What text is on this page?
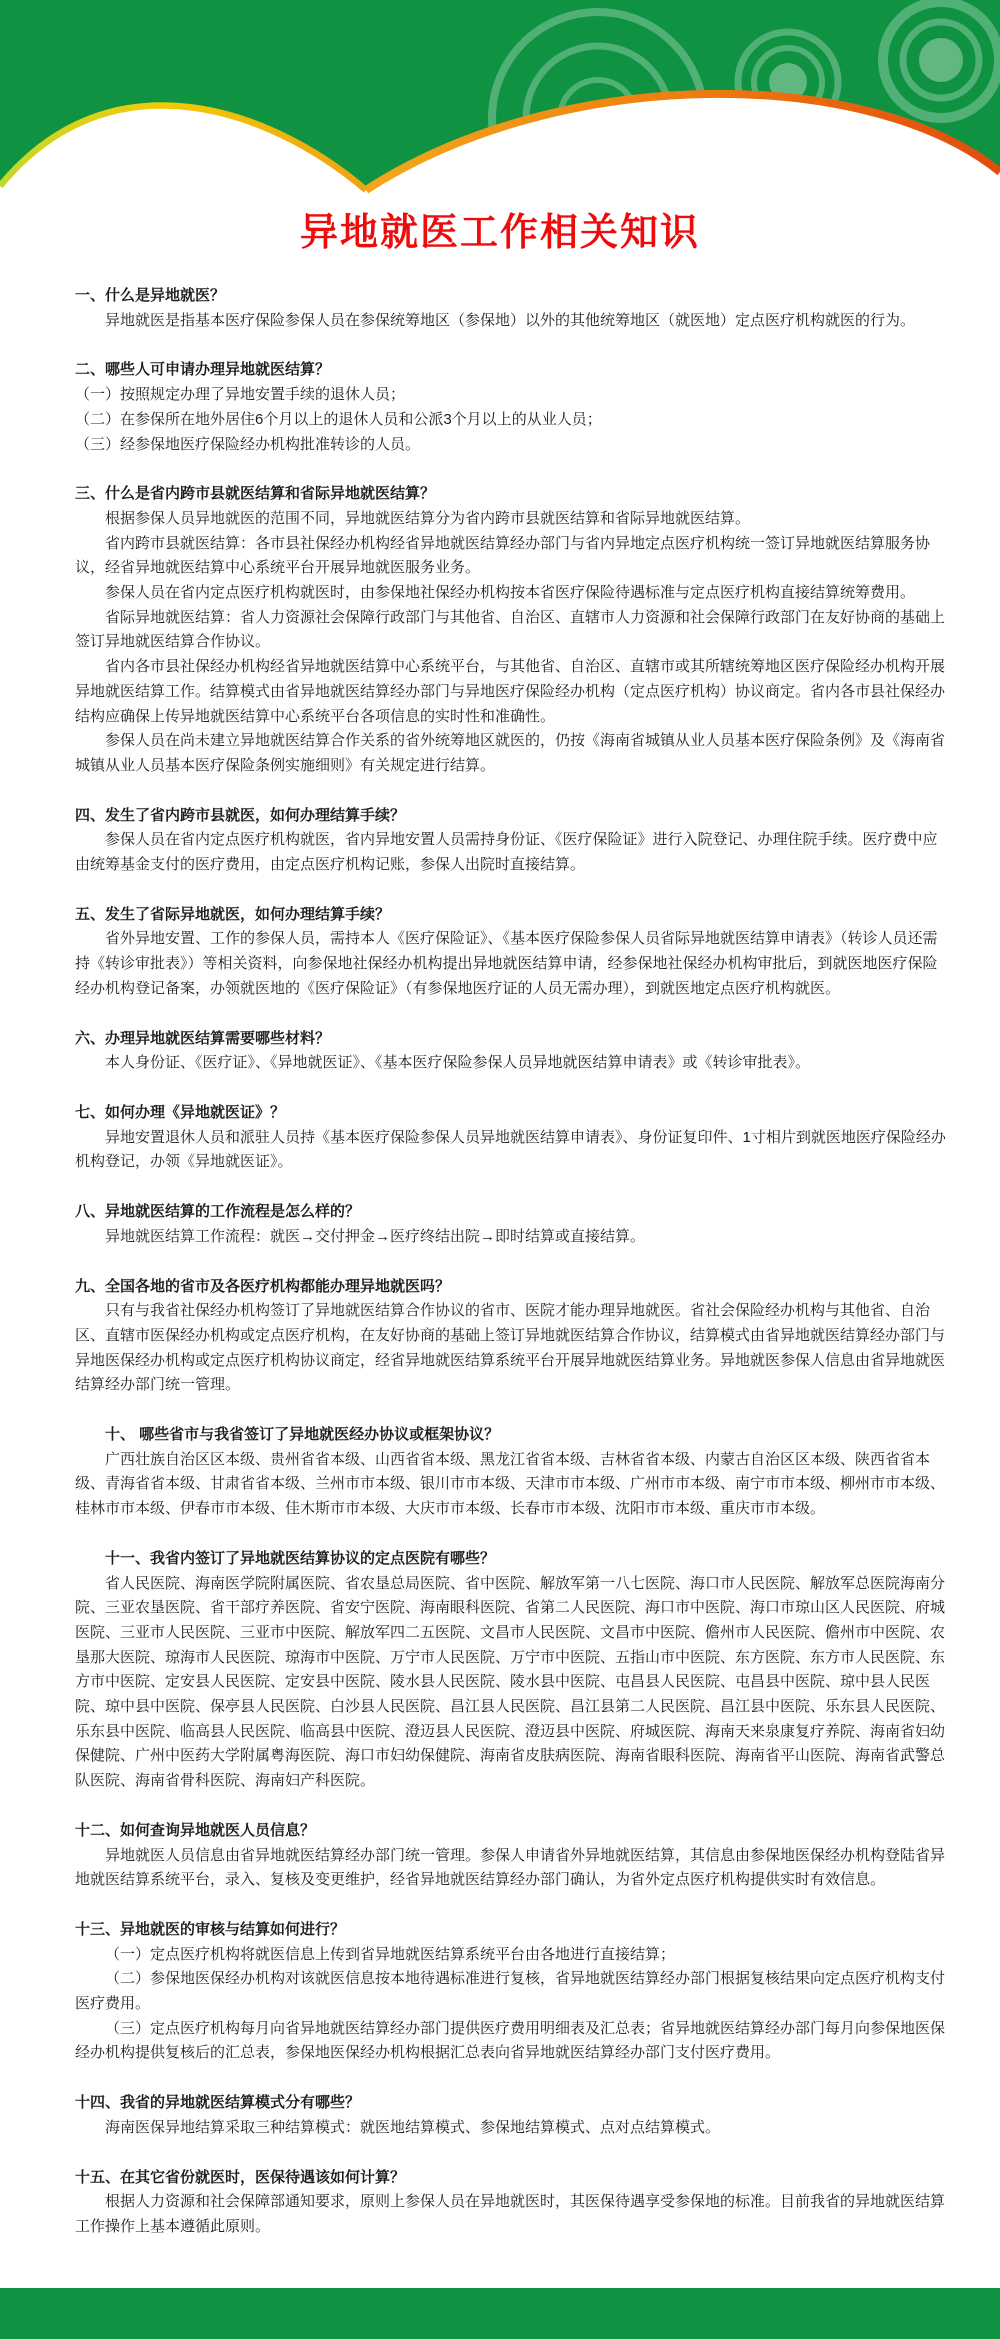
异地就医工作相关知识
一、什么是异地就医？

异地就医是指基本医疗保险参保人员在参保统筹地区（参保地）以外的其他统筹地区（就医地）定点医疗机构就医的行为。

二、哪些人可申请办理异地就医结算？

（一）按照规定办理了异地安置手续的退休人员；

（二）在参保所在地外居住6个月以上的退休人员和公派3个月以上的从业人员；

（三）经参保地医疗保险经办机构批准转诊的人员。

三、什么是省内跨市县就医结算和省际异地就医结算？

根据参保人员异地就医的范围不同，异地就医结算分为省内跨市县就医结算和省际异地就医结算。

省内跨市县就医结算：各市县社保经办机构经省异地就医结算经办部门与省内异地定点医疗机构统一签订异地就医结算服务协议，经省异地就医结算中心系统平台开展异地就医服务业务。

参保人员在省内定点医疗机构就医时，由参保地社保经办机构按本省医疗保险待遇标准与定点医疗机构直接结算统筹费用。

省际异地就医结算：省人力资源社会保障行政部门与其他省、自治区、直辖市人力资源和社会保障行政部门在友好协商的基础上签订异地就医结算合作协议。

省内各市县社保经办机构经省异地就医结算中心系统平台，与其他省、自治区、直辖市或其所辖统筹地区医疗保险经办机构开展异地就医结算工作。结算模式由省异地就医结算经办部门与异地医疗保险经办机构（定点医疗机构）协议商定。省内各市县社保经办结构应确保上传异地就医结算中心系统平台各项信息的实时性和准确性。

参保人员在尚未建立异地就医结算合作关系的省外统筹地区就医的，仍按《海南省城镇从业人员基本医疗保险条例》及《海南省城镇从业人员基本医疗保险条例实施细则》有关规定进行结算。

四、发生了省内跨市县就医，如何办理结算手续？

参保人员在省内定点医疗机构就医，省内异地安置人员需持身份证、《医疗保险证》进行入院登记、办理住院手续。医疗费中应由统筹基金支付的医疗费用，由定点医疗机构记账，参保人出院时直接结算。

五、发生了省际异地就医，如何办理结算手续？

省外异地安置、工作的参保人员，需持本人《医疗保险证》、《基本医疗保险参保人员省际异地就医结算申请表》（转诊人员还需持《转诊审批表》）等相关资料，向参保地社保经办机构提出异地就医结算申请，经参保地社保经办机构审批后，到就医地医疗保险经办机构登记备案，办领就医地的《医疗保险证》（有参保地医疗证的人员无需办理），到就医地定点医疗机构就医。

六、办理异地就医结算需要哪些材料？

本人身份证、《医疗证》、《异地就医证》、《基本医疗保险参保人员异地就医结算申请表》或《转诊审批表》。

七、如何办理《异地就医证》？

异地安置退休人员和派驻人员持《基本医疗保险参保人员异地就医结算申请表》、身份证复印件、1寸相片到就医地医疗保险经办机构登记，办领《异地就医证》。

八、异地就医结算的工作流程是怎么样的？

异地就医结算工作流程：就医→交付押金→医疗终结出院→即时结算或直接结算。

九、全国各地的省市及各医疗机构都能办理异地就医吗？

只有与我省社保经办机构签订了异地就医结算合作协议的省市、医院才能办理异地就医。省社会保险经办机构与其他省、自治区、直辖市医保经办机构或定点医疗机构，在友好协商的基础上签订异地就医结算合作协议，结算模式由省异地就医结算经办部门与异地医保经办机构或定点医疗机构协议商定，经省异地就医结算系统平台开展异地就医结算业务。异地就医参保人信息由省异地就医结算经办部门统一管理。

十、 哪些省市与我省签订了异地就医经办协议或框架协议？

广西壮族自治区区本级、贵州省省本级、山西省省本级、黑龙江省省本级、吉林省省本级、内蒙古自治区区本级、陕西省省本级、青海省省本级、甘肃省省本级、兰州市市本级、银川市市本级、天津市市本级、广州市市本级、南宁市市本级、柳州市市本级、桂林市市本级、伊春市市本级、佳木斯市市本级、大庆市市本级、长春市市本级、沈阳市市本级、重庆市市本级。

十一、我省内签订了异地就医结算协议的定点医院有哪些？

省人民医院、海南医学院附属医院、省农垦总局医院、省中医院、解放军第一八七医院、海口市人民医院、解放军总医院海南分院、三亚农垦医院、省干部疗养医院、省安宁医院、海南眼科医院、省第二人民医院、海口市中医院、海口市琼山区人民医院、府城医院、三亚市人民医院、三亚市中医院、解放军四二五医院、文昌市人民医院、文昌市中医院、儋州市人民医院、儋州市中医院、农垦那大医院、琼海市人民医院、琼海市中医院、万宁市人民医院、万宁市中医院、五指山市中医院、东方医院、东方市人民医院、东方市中医院、定安县人民医院、定安县中医院、陵水县人民医院、陵水县中医院、屯昌县人民医院、屯昌县中医院、琼中县人民医院、琼中县中医院、保亭县人民医院、白沙县人民医院、昌江县人民医院、昌江县第二人民医院、昌江县中医院、乐东县人民医院、乐东县中医院、临高县人民医院、临高县中医院、澄迈县人民医院、澄迈县中医院、府城医院、海南天来泉康复疗养院、海南省妇幼保健院、广州中医药大学附属粤海医院、海口市妇幼保健院、海南省皮肤病医院、海南省眼科医院、海南省平山医院、海南省武警总队医院、海南省骨科医院、海南妇产科医院。

十二、如何查询异地就医人员信息？

异地就医人员信息由省异地就医结算经办部门统一管理。参保人申请省外异地就医结算，其信息由参保地医保经办机构登陆省异地就医结算系统平台，录入、复核及变更维护，经省异地就医结算经办部门确认，为省外定点医疗机构提供实时有效信息。

十三、异地就医的审核与结算如何进行？

（一）定点医疗机构将就医信息上传到省异地就医结算系统平台由各地进行直接结算；

（二）参保地医保经办机构对该就医信息按本地待遇标准进行复核，省异地就医结算经办部门根据复核结果向定点医疗机构支付医疗费用。

（三）定点医疗机构每月向省异地就医结算经办部门提供医疗费用明细表及汇总表；省异地就医结算经办部门每月向参保地医保经办机构提供复核后的汇总表，参保地医保经办机构根据汇总表向省异地就医结算经办部门支付医疗费用。

十四、我省的异地就医结算模式分有哪些？

海南医保异地结算采取三种结算模式：就医地结算模式、参保地结算模式、点对点结算模式。

十五、在其它省份就医时，医保待遇该如何计算？

根据人力资源和社会保障部通知要求，原则上参保人员在异地就医时，其医保待遇享受参保地的标准。目前我省的异地就医结算工作操作上基本遵循此原则。
